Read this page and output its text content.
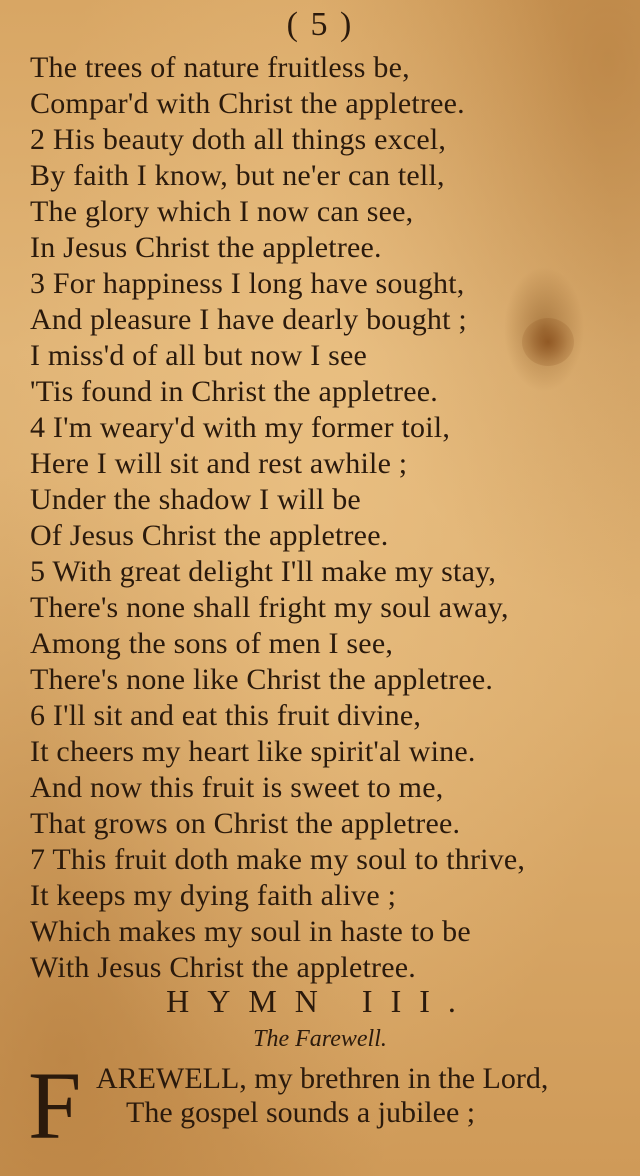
( 5 )
The trees of nature fruitless be,
Compar'd with Christ the appletree.
2 His beauty doth all things excel,
By faith I know, but ne'er can tell,
The glory which I now can see,
In Jesus Christ the appletree.
3 For happiness I long have sought,
And pleasure I have dearly bought ;
I miss'd of all but now I see
'Tis found in Christ the appletree.
4 I'm weary'd with my former toil,
Here I will sit and rest awhile ;
Under the shadow I will be
Of Jesus Christ the appletree.
5 With great delight I'll make my stay,
There's none shall fright my soul away,
Among the sons of men I see,
There's none like Christ the appletree.
6 I'll sit and eat this fruit divine,
It cheers my heart like spirit'al wine.
And now this fruit is sweet to me,
That grows on Christ the appletree.
7 This fruit doth make my soul to thrive,
It keeps my dying faith alive ;
Which makes my soul in haste to be
With Jesus Christ the appletree.
HYMN III.
The Farewell.
F AREWELL, my brethren in the Lord,
The gospel sounds a jubilee ;
